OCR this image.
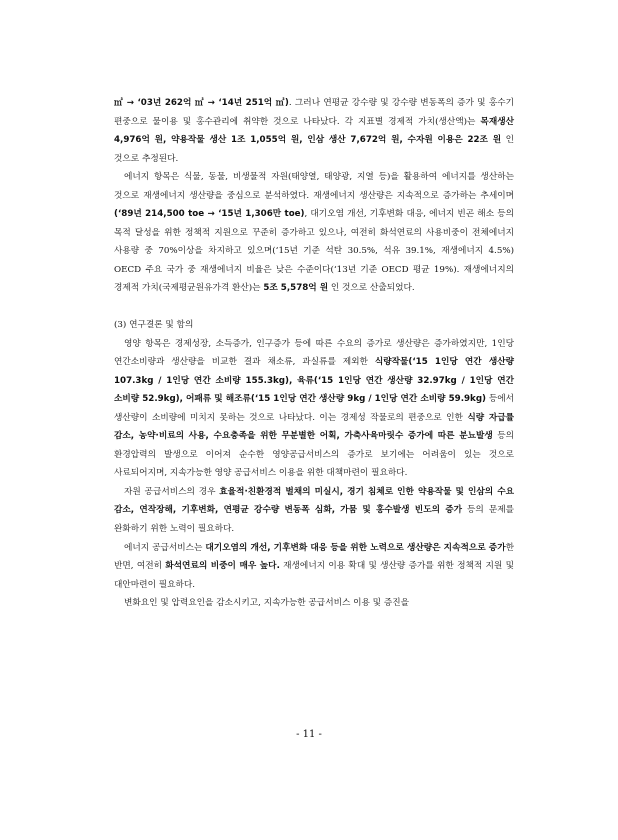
㎥ → ‘03년 262억 ㎥ → ‘14년 251억 ㎥). 그러나 연평균 강수량 및 강수량 변동폭의 증가 및 홍수기 편중으로 물이용 및 홍수관리에 취약한 것으로 나타났다. 각 지표별 경제적 가치(생산액)는 목재생산 4,976억 원, 약용작물 생산 1조 1,055억 원, 인삼 생산 7,672억 원, 수자원 이용은 22조 원 인 것으로 추정된다.

에너지 항목은 식물, 동물, 비생물적 자원(태양열, 태양광, 지열 등)을 활용하여 에너지를 생산하는 것으로 재생에너지 생산량을 중심으로 분석하였다. 재생에너지 생산량은 지속적으로 증가하는 추세이며(‘89년 214,500 toe → ‘15년 1,306만 toe), 대기오염 개선, 기후변화 대응, 에너지 빈곤 해소 등의 목적 달성을 위한 정책적 지원으로 꾸준히 증가하고 있으나, 여전히 화석연료의 사용비중이 전체에너지 사용량 중 70%이상을 차지하고 있으며(‘15년 기준 석탄 30.5%, 석유 39.1%, 재생에너지 4.5%) OECD 주요 국가 중 재생에너지 비율은 낮은 수준이다(‘13년 기준 OECD 평균 19%). 재생에너지의 경제적 가치(국제평균원유가격 환산)는 5조 5,578억 원 인 것으로 산출되었다.

(3) 연구결론 및 함의

영양 항목은 경제성장, 소득증가, 인구증가 등에 따른 수요의 증가로 생산량은 증가하였지만, 1인당 연간소비량과 생산량을 비교한 결과 채소류, 과실류를 제외한 식량작물(‘15 1인당 연간 생산량 107.3kg / 1인당 연간 소비량 155.3kg), 육류(‘15 1인당 연간 생산량 32.97kg / 1인당 연간 소비량 52.9kg), 어패류 및 해조류(‘15 1인당 연간 생산량 9kg / 1인당 연간 소비량 59.9kg) 등에서 생산량이 소비량에 미치지 못하는 것으로 나타났다. 이는 경제성 작물로의 편중으로 인한 식량 자급률 감소, 농약·비료의 사용, 수요충족을 위한 무분별한 어획, 가축사육마릿수 증가에 따른 분뇨발생 등의 환경압력의 발생으로 이어져 순수한 영양공급서비스의 증가로 보기에는 어려움이 있는 것으로 사료되어지며, 지속가능한 영양 공급서비스 이용을 위한 대책마련이 필요하다.

자원 공급서비스의 경우 효율적·친환경적 벌채의 미실시, 경기 침체로 인한 약용작물 및 인삼의 수요 감소, 연작장해, 기후변화, 연평균 강수량 변동폭 심화, 가뭄 및 홍수발생 빈도의 증가 등의 문제를 완화하기 위한 노력이 필요하다.

에너지 공급서비스는 대기오염의 개선, 기후변화 대응 등을 위한 노력으로 생산량은 지속적으로 증가한 반면, 여전히 화석연료의 비중이 매우 높다. 재생에너지 이용 확대 및 생산량 증가를 위한 정책적 지원 및 대안마련이 필요하다.

변화요인 및 압력요인을 감소시키고, 지속가능한 공급서비스 이용 및 증진을

- 11 -
